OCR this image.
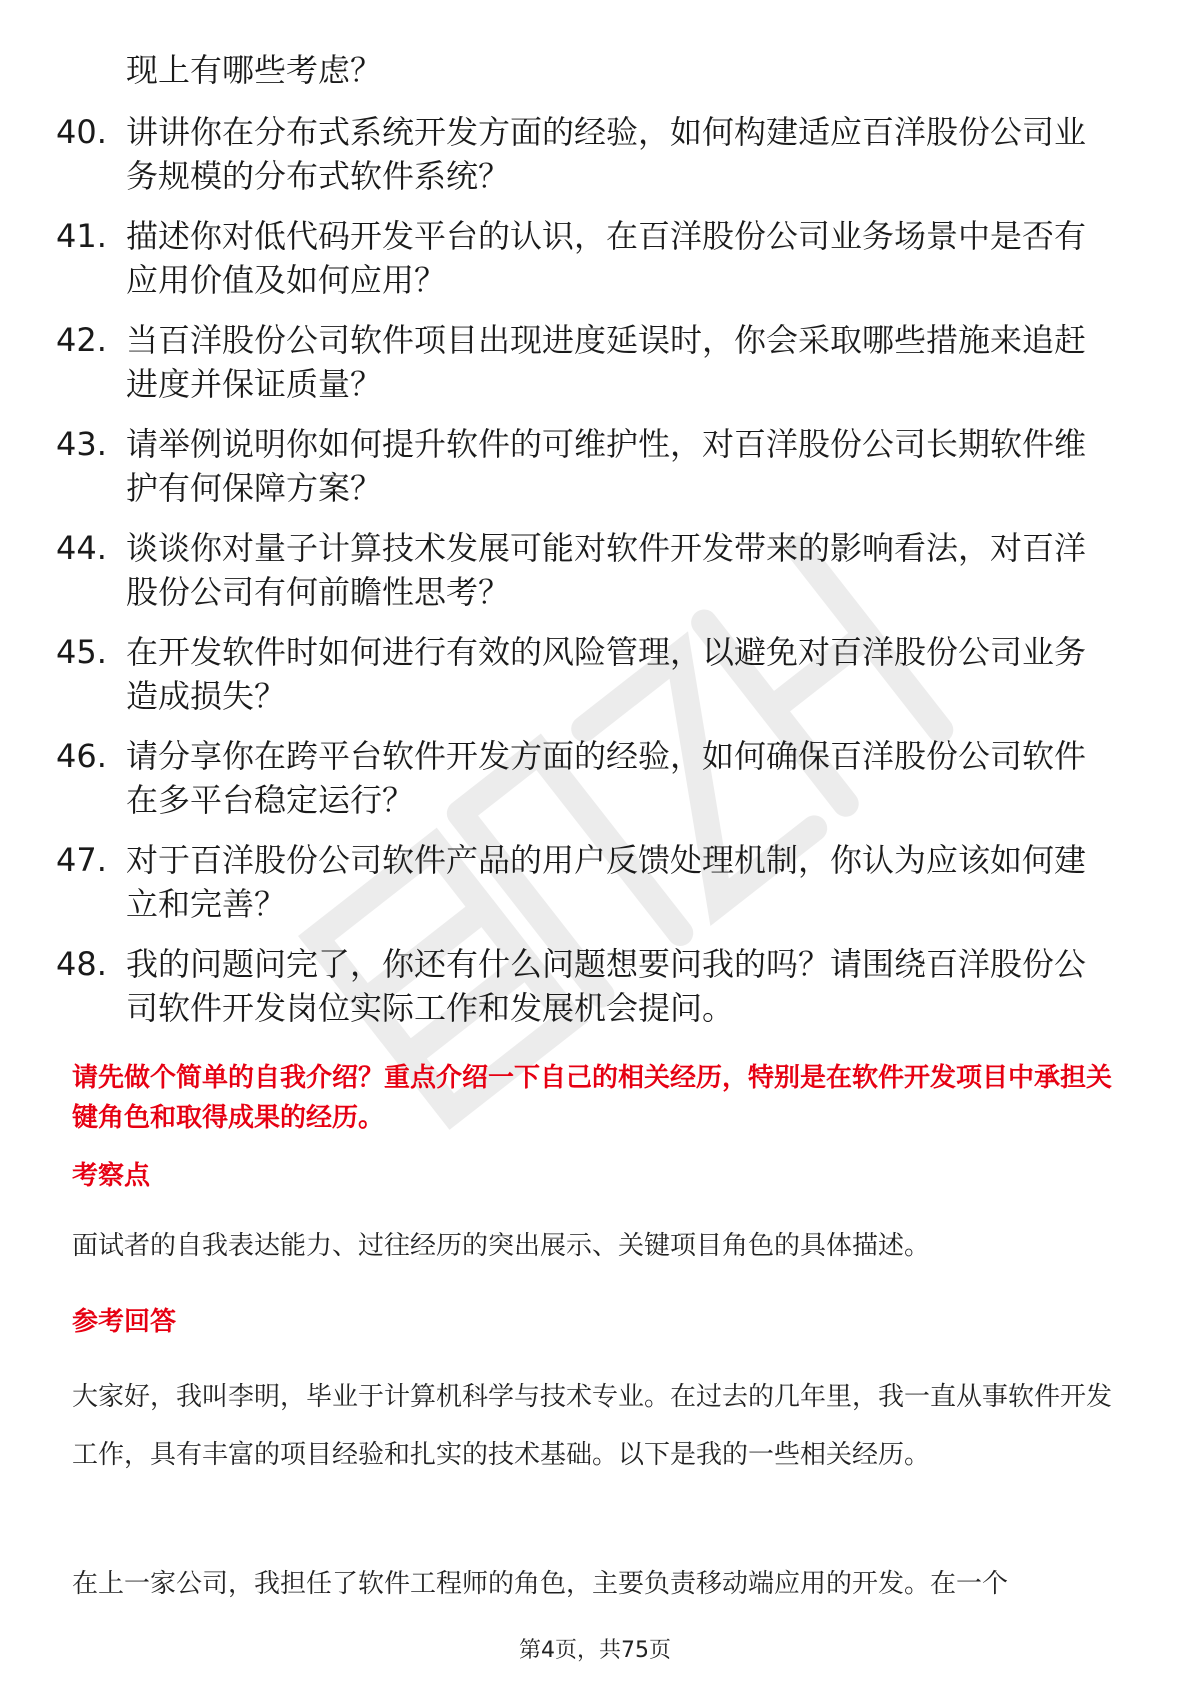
现上有哪些考虑？
40. 讲讲你在分布式系统开发方面的经验，如何构建适应百洋股份公司业务规模的分布式软件系统？
41. 描述你对低代码开发平台的认识，在百洋股份公司业务场景中是否有应用价值及如何应用？
42. 当百洋股份公司软件项目出现进度延误时，你会采取哪些措施来追赶进度并保证质量？
43. 请举例说明你如何提升软件的可维护性，对百洋股份公司长期软件维护有何保障方案？
44. 谈谈你对量子计算技术发展可能对软件开发带来的影响看法，对百洋股份公司有何前瞻性思考？
45. 在开发软件时如何进行有效的风险管理，以避免对百洋股份公司业务造成损失？
46. 请分享你在跨平台软件开发方面的经验，如何确保百洋股份公司软件在多平台稳定运行？
47. 对于百洋股份公司软件产品的用户反馈处理机制，你认为应该如何建立和完善？
48. 我的问题问完了，你还有什么问题想要问我的吗？请围绕百洋股份公司软件开发岗位实际工作和发展机会提问。
请先做个简单的自我介绍？重点介绍一下自己的相关经历，特别是在软件开发项目中承担关键角色和取得成果的经历。
考察点
面试者的自我表达能力、过往经历的突出展示、关键项目角色的具体描述。
参考回答
大家好，我叫李明，毕业于计算机科学与技术专业。在过去的几年里，我一直从事软件开发工作，具有丰富的项目经验和扎实的技术基础。以下是我的一些相关经历。
在上一家公司，我担任了软件工程师的角色，主要负责移动端应用的开发。在一个
第4页，共75页
